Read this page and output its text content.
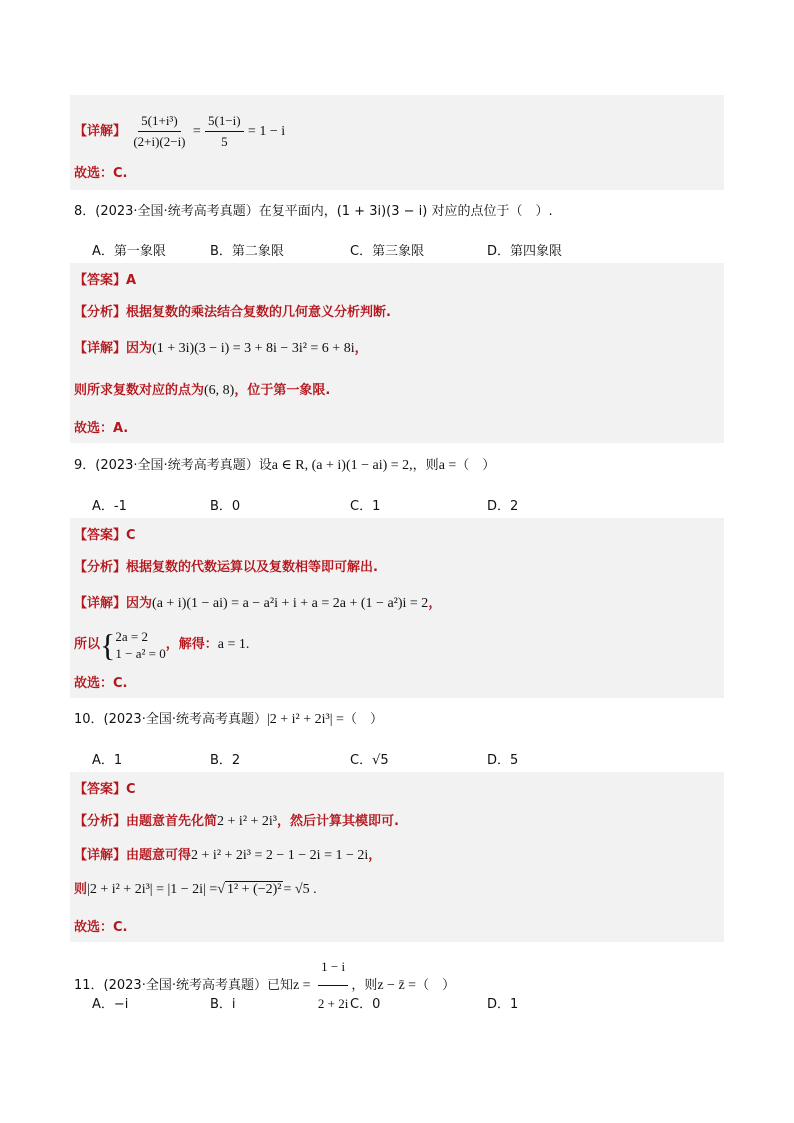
【详解】 $\frac{\text{5(1+i³)}}{(2+i)(2-i)} = \frac{5(1-i)}{5} = 1 - i$
故选：C.
8．(2023·全国·统考高考真题）在复平面内，(1 + 3i)(3 − i) 对应的点位于（　）.
A．第一象限	B．第二象限	C．第三象限	D．第四象限
【答案】A
【分析】根据复数的乘法结合复数的几何意义分析判断.
【详解】因为(1 + 3i)(3 − i) = 3 + 8i − 3i² = 6 + 8i，
则所求复数对应的点为(6, 8)，位于第一象限.
故选：A.
9．(2023·全国·统考高考真题）设a ∈ R, (a + i)(1 − ai) = 2,，则a =（　）
A．-1	B．0	C．1	D．2
【答案】C
【分析】根据复数的代数运算以及复数相等即可解出.
【详解】因为(a + i)(1 − ai) = a − a²i + i + a = 2a + (1 − a²)i = 2，
所以{ 2a = 2
1 − a² = 0
，解得：a = 1.
故选：C.
10．(2023·全国·统考高考真题）|2 + i² + 2i³| =（　）
A．1	B．2	C．√5	D．5
【答案】C
【分析】由题意首先化简2 + i² + 2i³，然后计算其模即可.
【详解】由题意可得2 + i² + 2i³ = 2 − 1 − 2i = 1 − 2i，
则|2 + i² + 2i³| = |1 − 2i| =√ 1² + (−2)² = √5 .
故选：C.
11．(2023·全国·统考高考真题）已知$z = \frac{1 - i}{2 + 2i}$ ，则z − z̄ =（　）
A．−i	B．i	C．0	D．1
